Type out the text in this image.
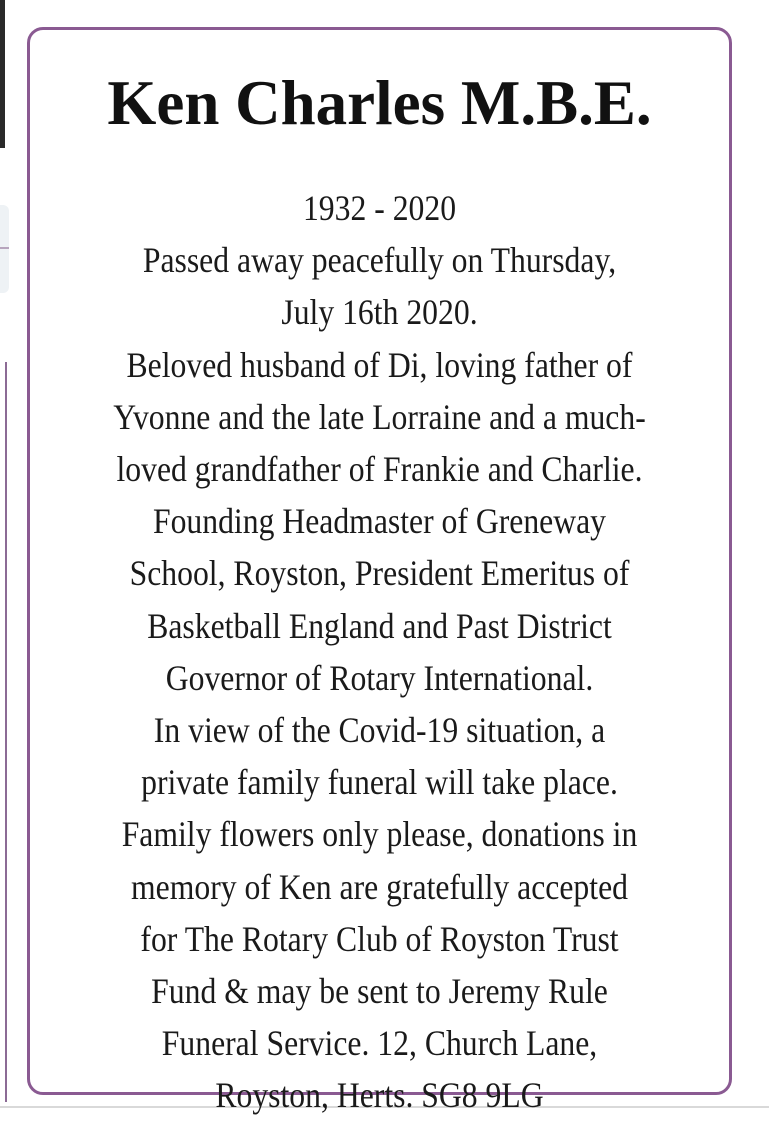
Ken Charles M.B.E.
1932 - 2020
Passed away peacefully on Thursday,
July 16th 2020.
Beloved husband of Di, loving father of
Yvonne and the late Lorraine and a much-
loved grandfather of Frankie and Charlie.
Founding Headmaster of Greneway
School, Royston, President Emeritus of
Basketball England and Past District
Governor of Rotary International.
In view of the Covid-19 situation, a
private family funeral will take place.
Family flowers only please, donations in
memory of Ken are gratefully accepted
for The Rotary Club of Royston Trust
Fund & may be sent to Jeremy Rule
Funeral Service. 12, Church Lane,
Royston, Herts. SG8 9LG
